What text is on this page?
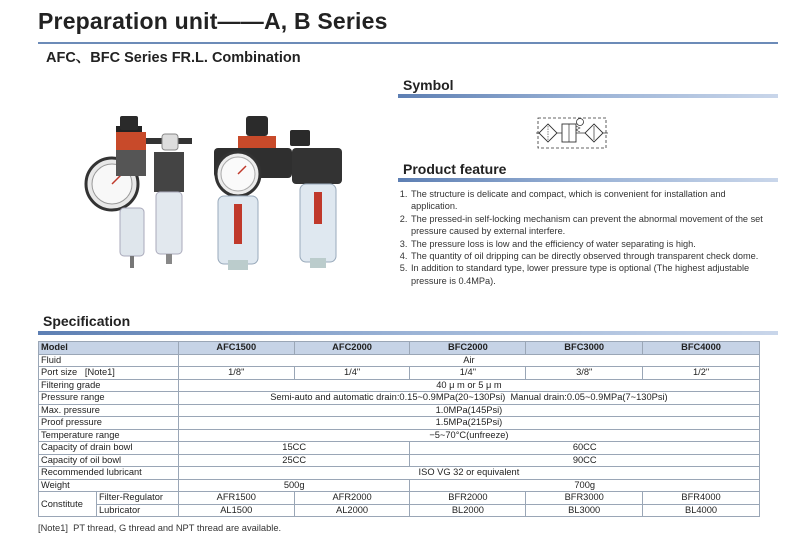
Preparation unit——A, B Series
AFC、BFC Series FR.L. Combination
Symbol
Product feature
1. The structure is delicate and compact, which is convenient for installation and application.
2. The pressed-in self-locking mechanism can prevent the abnormal movement of the set pressure caused by external interfere.
3. The pressure loss is low and the efficiency of water separating is high.
4. The quantity of oil dripping can be directly observed through transparent check dome.
5. In addition to standard type, lower pressure type is optional (The highest adjustable pressure is 0.4MPa).
Specification
Model		AFC1500	AFC2000	BFC2000	BFC3000	BFC4000
Fluid		Air				
Port size   [Note1]		1/8"	1/4"	1/4"	3/8"	1/2"
Filtering grade		40 μ m or 5 μ m				
Pressure range		Semi-auto and automatic drain:0.15~0.9MPa(20~130Psi)  Manual drain:0.05~0.9MPa(7~130Psi)				
Max. pressure		1.0MPa(145Psi)				
Proof pressure		1.5MPa(215Psi)				
Temperature range		−5~70°C(unfreeze)				
Capacity of drain bowl		15CC		60CC		
Capacity of oil bowl		25CC		90CC		
Recommended lubricant		ISO VG 32 or equivalent				
Weight		500g		700g		
Constitute	Filter-Regulator	AFR1500	AFR2000	BFR2000	BFR3000	BFR4000
	Lubricator	AL1500	AL2000	BL2000	BL3000	BL4000
[Note1]  PT thread, G thread and NPT thread are available.
